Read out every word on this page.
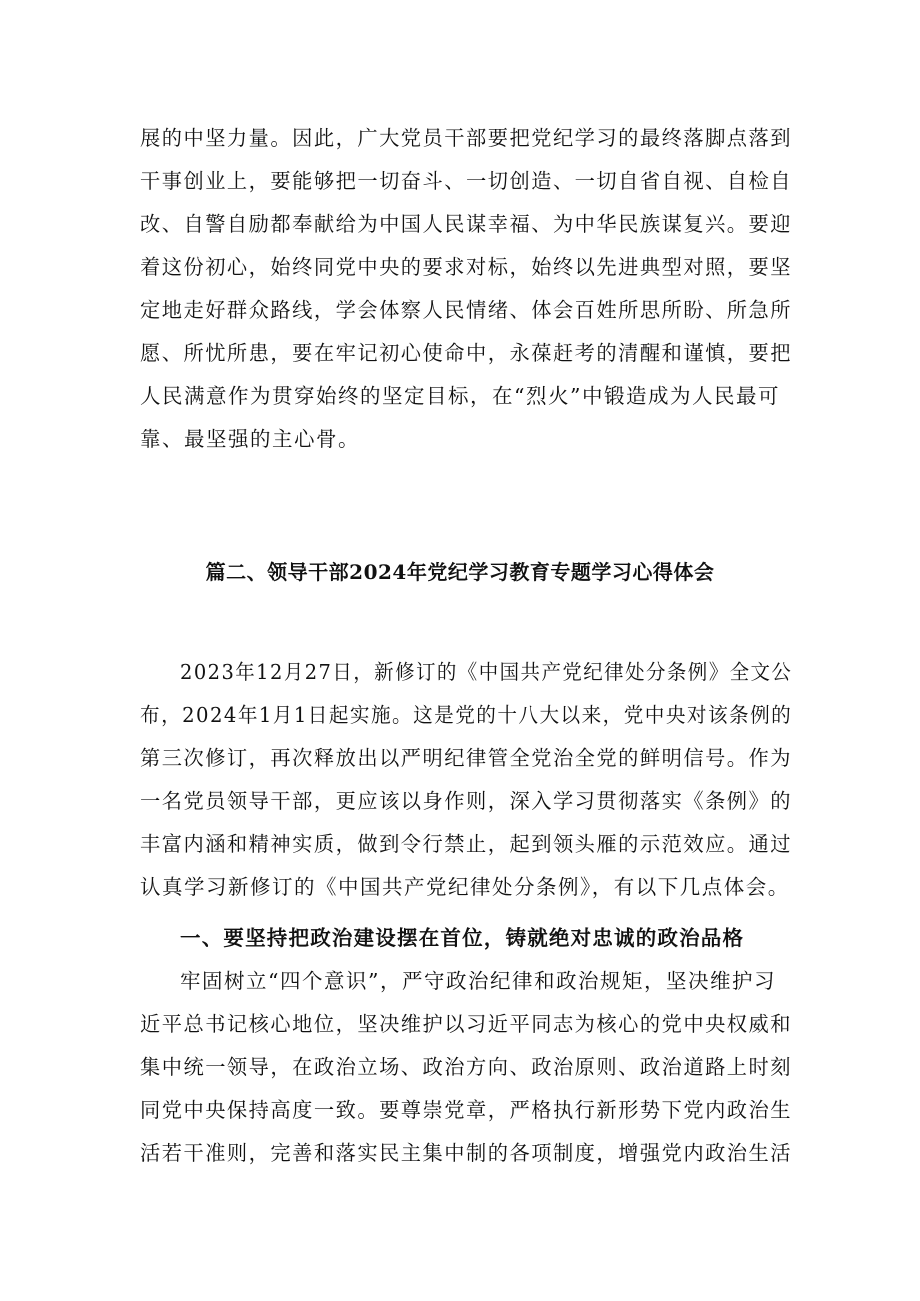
展的中坚力量。因此，广大党员干部要把党纪学习的最终落脚点落到
干事创业上，要能够把一切奋斗、一切创造、一切自省自视、自检自
改、自警自励都奉献给为中国人民谋幸福、为中华民族谋复兴。要迎
着这份初心，始终同党中央的要求对标，始终以先进典型对照，要坚
定地走好群众路线，学会体察人民情绪、体会百姓所思所盼、所急所
愿、所忧所患，要在牢记初心使命中，永葆赶考的清醒和谨慎，要把
人民满意作为贯穿始终的坚定目标，在“烈火”中锻造成为人民最可
靠、最坚强的主心骨。
篇二、领导干部2024年党纪学习教育专题学习心得体会
2023年12月27日，新修订的《中国共产党纪律处分条例》全文公
布，2024年1月1日起实施。这是党的十八大以来，党中央对该条例的
第三次修订，再次释放出以严明纪律管全党治全党的鲜明信号。作为
一名党员领导干部，更应该以身作则，深入学习贯彻落实《条例》的
丰富内涵和精神实质，做到令行禁止，起到领头雁的示范效应。通过
认真学习新修订的《中国共产党纪律处分条例》，有以下几点体会。
一、要坚持把政治建设摆在首位，铸就绝对忠诚的政治品格
牢固树立“四个意识”，严守政治纪律和政治规矩，坚决维护习
近平总书记核心地位，坚决维护以习近平同志为核心的党中央权威和
集中统一领导，在政治立场、政治方向、政治原则、政治道路上时刻
同党中央保持高度一致。要尊崇党章，严格执行新形势下党内政治生
活若干准则，完善和落实民主集中制的各项制度，增强党内政治生活
